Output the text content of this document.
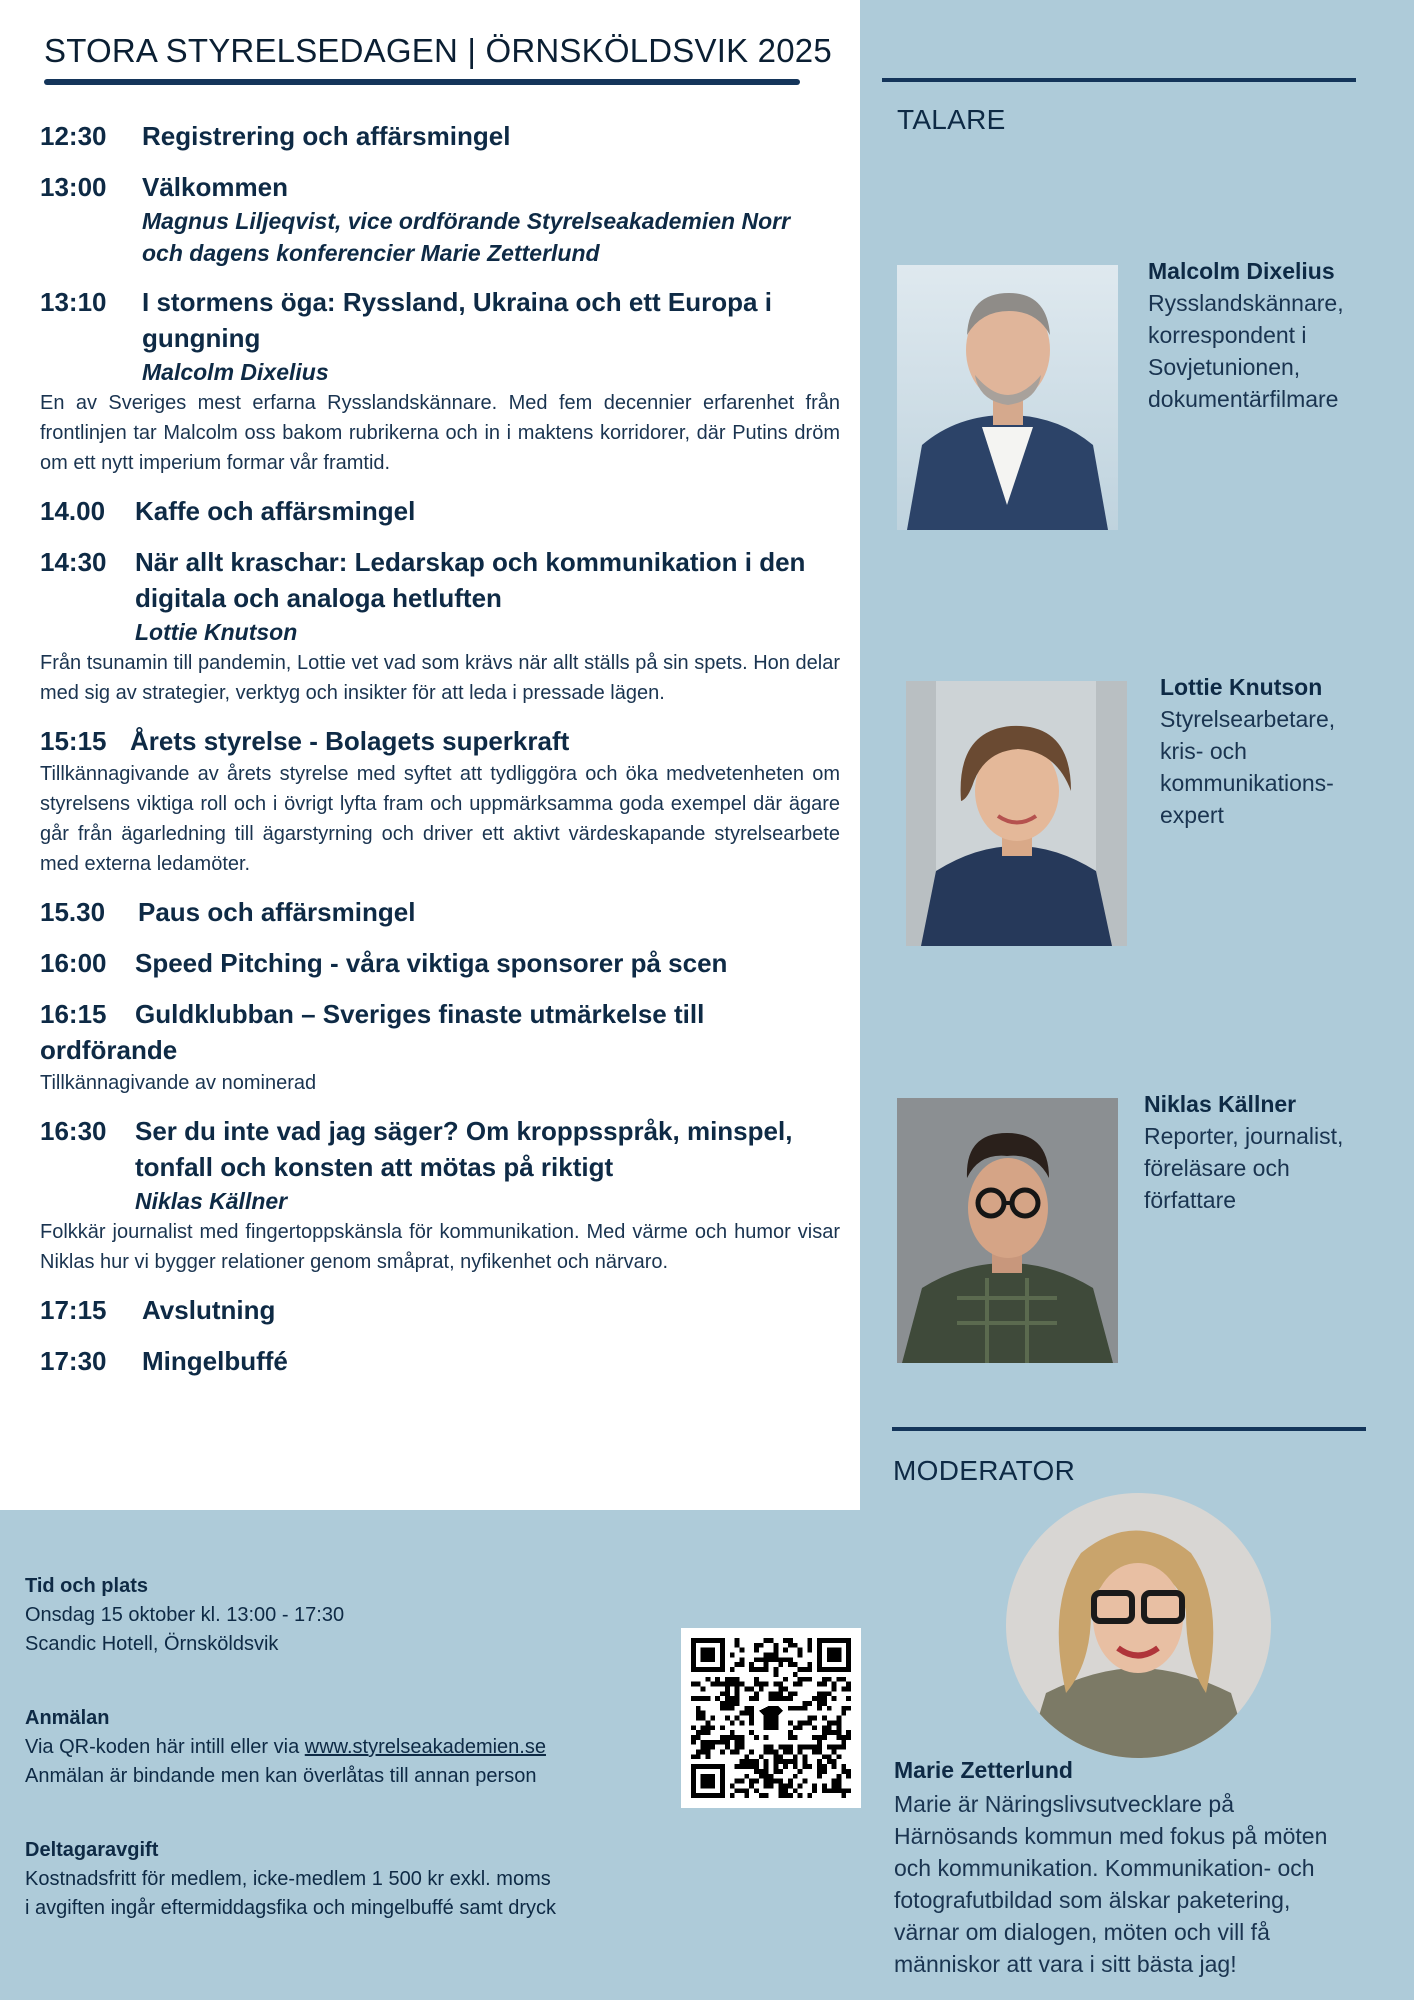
STORA STYRELSEDAGEN | ÖRNSKÖLDSVIK 2025
12:30	Registrering och affärsmingel
13:00	Välkommen
Magnus Liljeqvist, vice ordförande Styrelseakademien Norr
och dagens konferencier Marie Zetterlund
13:10	I stormens öga: Ryssland, Ukraina och ett Europa i gungning
Malcolm Dixelius
En av Sveriges mest erfarna Rysslandskännare. Med fem decennier erfarenhet från frontlinjen tar Malcolm oss bakom rubrikerna och in i maktens korridorer, där Putins dröm om ett nytt imperium formar vår framtid.
14.00	Kaffe och affärsmingel
14:30	När allt kraschar: Ledarskap och kommunikation i den digitala och analoga hetluften
Lottie Knutson
Från tsunamin till pandemin, Lottie vet vad som krävs när allt ställs på sin spets. Hon delar med sig av strategier, verktyg och insikter för att leda i pressade lägen.
15:15 Årets styrelse - Bolagets superkraft
Tillkännagivande av årets styrelse med syftet att tydliggöra och öka medvetenheten om styrelsens viktiga roll och i övrigt lyfta fram och uppmärksamma goda exempel där ägare går från ägarledning till ägarstyrning och driver ett aktivt värdeskapande styrelsearbete med externa ledamöter.
15.30	Paus och affärsmingel
16:00	Speed Pitching - våra viktiga sponsorer på scen
16:15 Guldklubban – Sveriges finaste utmärkelse till ordförande
Tillkännagivande av nominerad
16:30	Ser du inte vad jag säger? Om kroppsspråk, minspel, tonfall och konsten att mötas på riktigt
Niklas Källner
Folkkär journalist med fingertoppskänsla för kommunikation. Med värme och humor visar Niklas hur vi bygger relationer genom småprat, nyfikenhet och närvaro.
17:15	Avslutning
17:30	Mingelbuffé
TALARE
Malcolm Dixelius
Rysslandskännare,
korrespondent i
Sovjetunionen,
dokumentärfilmare
Lottie Knutson
Styrelsearbetare,
kris- och
kommunikations-
expert
Niklas Källner
Reporter, journalist,
föreläsare och
författare
MODERATOR
Marie Zetterlund
Marie är Näringslivsutvecklare på
Härnösands kommun med fokus på möten
och kommunikation. Kommunikation- och
fotografutbildad som älskar paketering,
värnar om dialogen, möten och vill få
människor att vara i sitt bästa jag!
Tid och plats
Onsdag 15 oktober kl. 13:00 - 17:30
Scandic Hotell, Örnsköldsvik
Anmälan
Via QR-koden här intill eller via www.styrelseakademien.se
Anmälan är bindande men kan överlåtas till annan person
Deltagaravgift
Kostnadsfritt för medlem, icke-medlem 1 500 kr exkl. moms
i avgiften ingår eftermiddagsfika och mingelbuffé samt dryck
